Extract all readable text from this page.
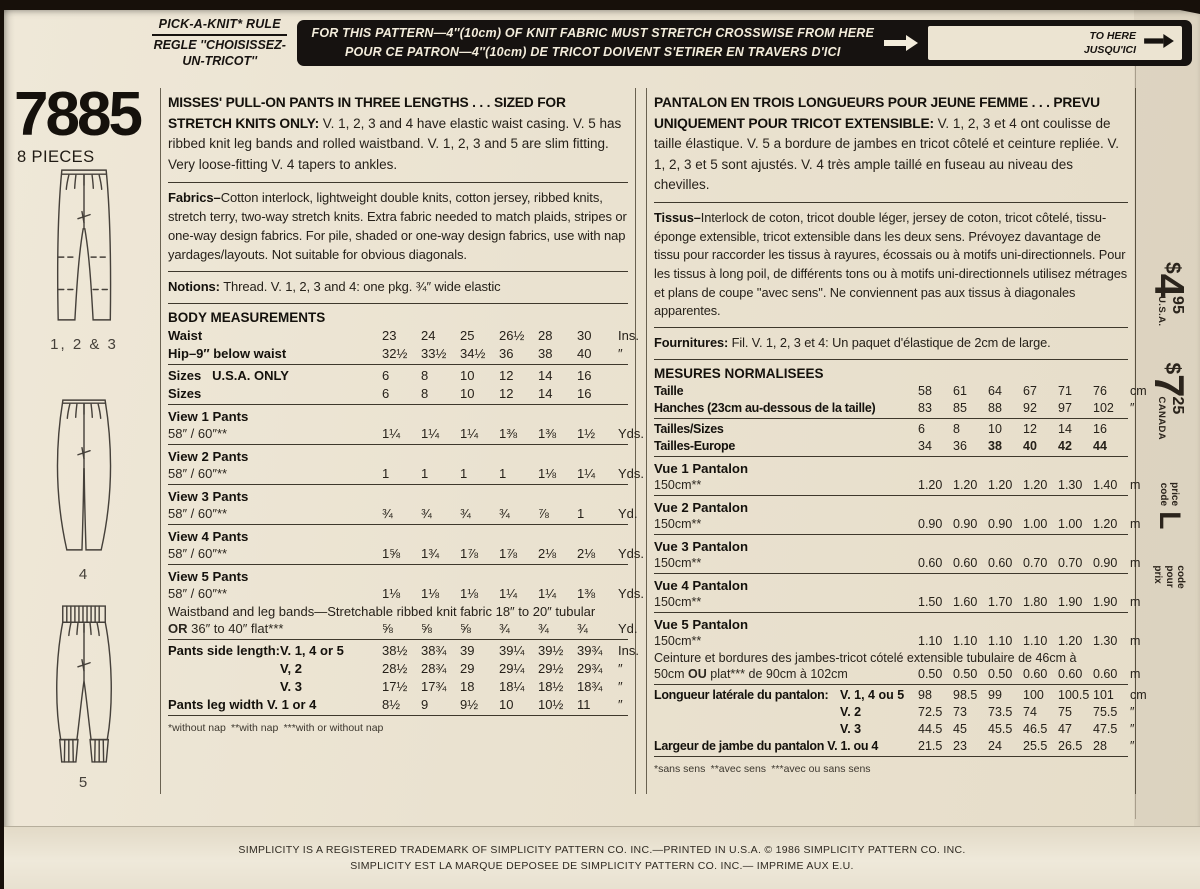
PICK-A-KNIT* RULE
REGLE ''CHOISISSEZ-UN-TRICOT''
FOR THIS PATTERN—4″(10cm) OF KNIT FABRIC MUST STRETCH CROSSWISE FROM HERE
POUR CE PATRON—4″(10cm) DE TRICOT DOIVENT S'ETIRER EN TRAVERS D'ICI
TO HERE
JUSQU'ICI
7885
8 PIECES
1, 2 & 3
4
5

MISSES' PULL-ON PANTS IN THREE LENGTHS . . . SIZED FOR STRETCH KNITS ONLY: V. 1, 2, 3 and 4 have elastic waist casing. V. 5 has ribbed knit leg bands and rolled waistband. V. 1, 2, 3 and 5 are slim fitting. Very loose-fitting V. 4 tapers to ankles.

Fabrics–Cotton interlock, lightweight double knits, cotton jersey, ribbed knits, stretch terry, two-way stretch knits. Extra fabric needed to match plaids, stripes or one-way design fabrics. For pile, shaded or one-way design fabrics, use with nap yardages/layouts. Not suitable for obvious diagonals.

Notions: Thread. V. 1, 2, 3 and 4: one pkg. ¾″ wide elastic

BODY MEASUREMENTS
Waist	23	24	25	26½	28	30	Ins.
Hip–9″ below waist	32½	33½	34½	36	38	40	″
Sizes   U.S.A. ONLY	6	8	10	12	14	16
Sizes	6	8	10	12	14	16
View 1 Pants
58″ / 60″**	1¼	1¼	1¼	1⅜	1⅜	1½	Yds.
View 2 Pants
58″ / 60″**	1	1	1	1	1⅛	1¼	Yds.
View 3 Pants
58″ / 60″**	¾	¾	¾	¾	⅞	1	Yd.
View 4 Pants
58″ / 60″**	1⅝	1¾	1⅞	1⅞	2⅛	2⅛	Yds.
View 5 Pants
58″ / 60″**	1⅛	1⅛	1⅛	1¼	1¼	1⅜	Yds.
Waistband and leg bands—Stretchable ribbed knit fabric 18″ to 20″ tubular
OR 36″ to 40″ flat***	⅝	⅝	⅝	¾	¾	¾	Yd.
Pants side length: V. 1, 4 or 5	38½	38¾	39	39¼	39½	39¾	Ins.
V, 2	28½	28¾	29	29¼	29½	29¾	″
V. 3	17½	17¾	18	18¼	18½	18¾	″
Pants leg width V. 1 or 4	8½	9	9½	10	10½	11	″
*without nap **with nap ***with or without nap

PANTALON EN TROIS LONGUEURS POUR JEUNE FEMME . . . PREVU UNIQUEMENT POUR TRICOT EXTENSIBLE: V. 1, 2, 3 et 4 ont coulisse de taille élastique. V. 5 a bordure de jambes en tricot côtelé et ceinture repliée. V. 1, 2, 3 et 5 sont ajustés. V. 4 très ample taillé en fuseau au niveau des chevilles.

Tissus–Interlock de coton, tricot double léger, jersey de coton, tricot côtelé, tissu-éponge extensible, tricot extensible dans les deux sens. Prévoyez davantage de tissu pour raccorder les tissus à rayures, écossais ou à motifs uni-directionnels. Pour les tissus à long poil, de différents tons ou à motifs uni-directionnels utilisez métrages et plans de coupe ''avec sens''. Ne conviennent pas aux tissus à diagonales apparentes.

Fournitures: Fil. V. 1, 2, 3 et 4: Un paquet d'élastique de 2cm de large.

MESURES NORMALISEES
Taille	58	61	64	67	71	76	cm
Hanches (23cm au-dessous de la taille)	83	85	88	92	97	102	″
Tailles/Sizes	6	8	10	12	14	16
Tailles-Europe	34	36	38	40	42	44
Vue 1 Pantalon
150cm**	1.20 1.20 1.20 1.20 1.30 1.40	m
Vue 2 Pantalon
150cm**	0.90 0.90 0.90 1.00 1.00 1.20	m
Vue 3 Pantalon
150cm**	0.60 0.60 0.60 0.70 0.70 0.90	m
Vue 4 Pantalon
150cm**	1.50 1.60 1.70 1.80 1.90 1.90	m
Vue 5 Pantalon
150cm**	1.10 1.10 1.10 1.10 1.20 1.30	m
Ceinture et bordures des jambes-tricot cótelé extensible tubulaire de 46cm à
50cm OU plat*** de 90cm à 102cm	0.50 0.50 0.50 0.60 0.60 0.60	m
Longueur latérale du pantalon: V. 1, 4 ou 5	98	98.5 99	100	100.5 101	cm
V. 2	72.5 73	73.5 74	75	75.5	″
V. 3	44.5 45	45.5 46.5 47	47.5	″
Largeur de jambe du pantalon V. 1. ou 4	21.5 23	24	25.5 26.5 28	″
*sans sens **avec sens ***avec ou sans sens
$
4
95
U.S.A.
$
7
25
CANADA
price code
L
code pour prix
SIMPLICITY IS A REGISTERED TRADEMARK OF SIMPLICITY PATTERN CO. INC.—PRINTED IN U.S.A. © 1986 SIMPLICITY PATTERN CO. INC.
SIMPLICITY EST LA MARQUE DEPOSEE DE SIMPLICITY PATTERN CO. INC.— IMPRIME AUX E.U.
